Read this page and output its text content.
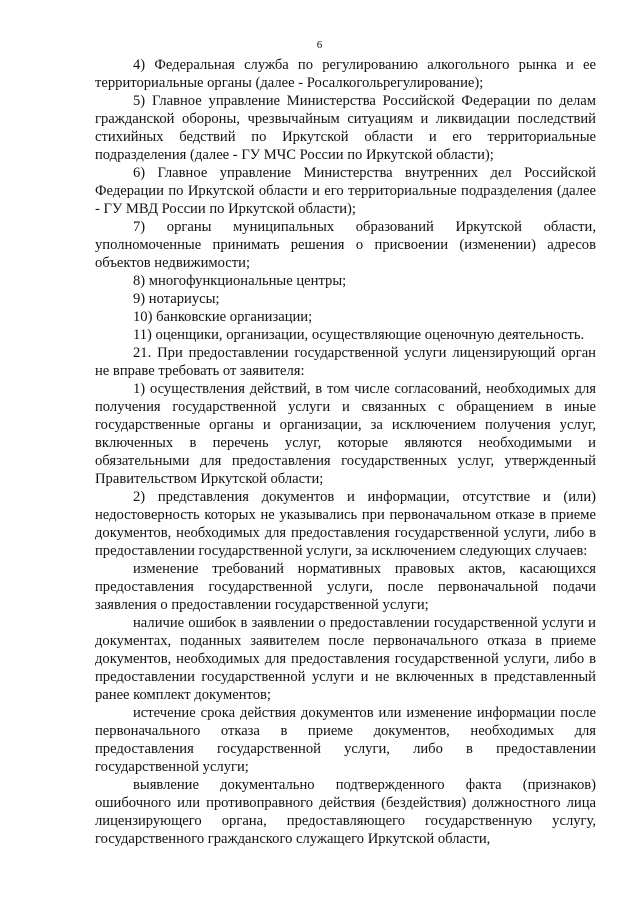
6

4) Федеральная служба по регулированию алкогольного рынка и ее территориальные органы (далее - Росалкогольрегулирование);

5) Главное управление Министерства Российской Федерации по делам гражданской обороны, чрезвычайным ситуациям и ликвидации последствий стихийных бедствий по Иркутской области и его территориальные подразделения (далее - ГУ МЧС России по Иркутской области);

6) Главное управление Министерства внутренних дел Российской Федерации по Иркутской области и его территориальные подразделения (далее - ГУ МВД России по Иркутской области);

7) органы муниципальных образований Иркутской области, уполномоченные принимать решения о присвоении (изменении) адресов объектов недвижимости;

8) многофункциональные центры;

9) нотариусы;

10) банковские организации;

11) оценщики, организации, осуществляющие оценочную деятельность.

21. При предоставлении государственной услуги лицензирующий орган не вправе требовать от заявителя:

1) осуществления действий, в том числе согласований, необходимых для получения государственной услуги и связанных с обращением в иные государственные органы и организации, за исключением получения услуг, включенных в перечень услуг, которые являются необходимыми и обязательными для предоставления государственных услуг, утвержденный Правительством Иркутской области;

2) представления документов и информации, отсутствие и (или) недостоверность которых не указывались при первоначальном отказе в приеме документов, необходимых для предоставления государственной услуги, либо в предоставлении государственной услуги, за исключением следующих случаев:

изменение требований нормативных правовых актов, касающихся предоставления государственной услуги, после первоначальной подачи заявления о предоставлении государственной услуги;

наличие ошибок в заявлении о предоставлении государственной услуги и документах, поданных заявителем после первоначального отказа в приеме документов, необходимых для предоставления государственной услуги, либо в предоставлении государственной услуги и не включенных в представленный ранее комплект документов;

истечение срока действия документов или изменение информации после первоначального отказа в приеме документов, необходимых для предоставления государственной услуги, либо в предоставлении государственной услуги;

выявление документально подтвержденного факта (признаков) ошибочного или противоправного действия (бездействия) должностного лица лицензирующего органа, предоставляющего государственную услугу, государственного гражданского служащего Иркутской области,
